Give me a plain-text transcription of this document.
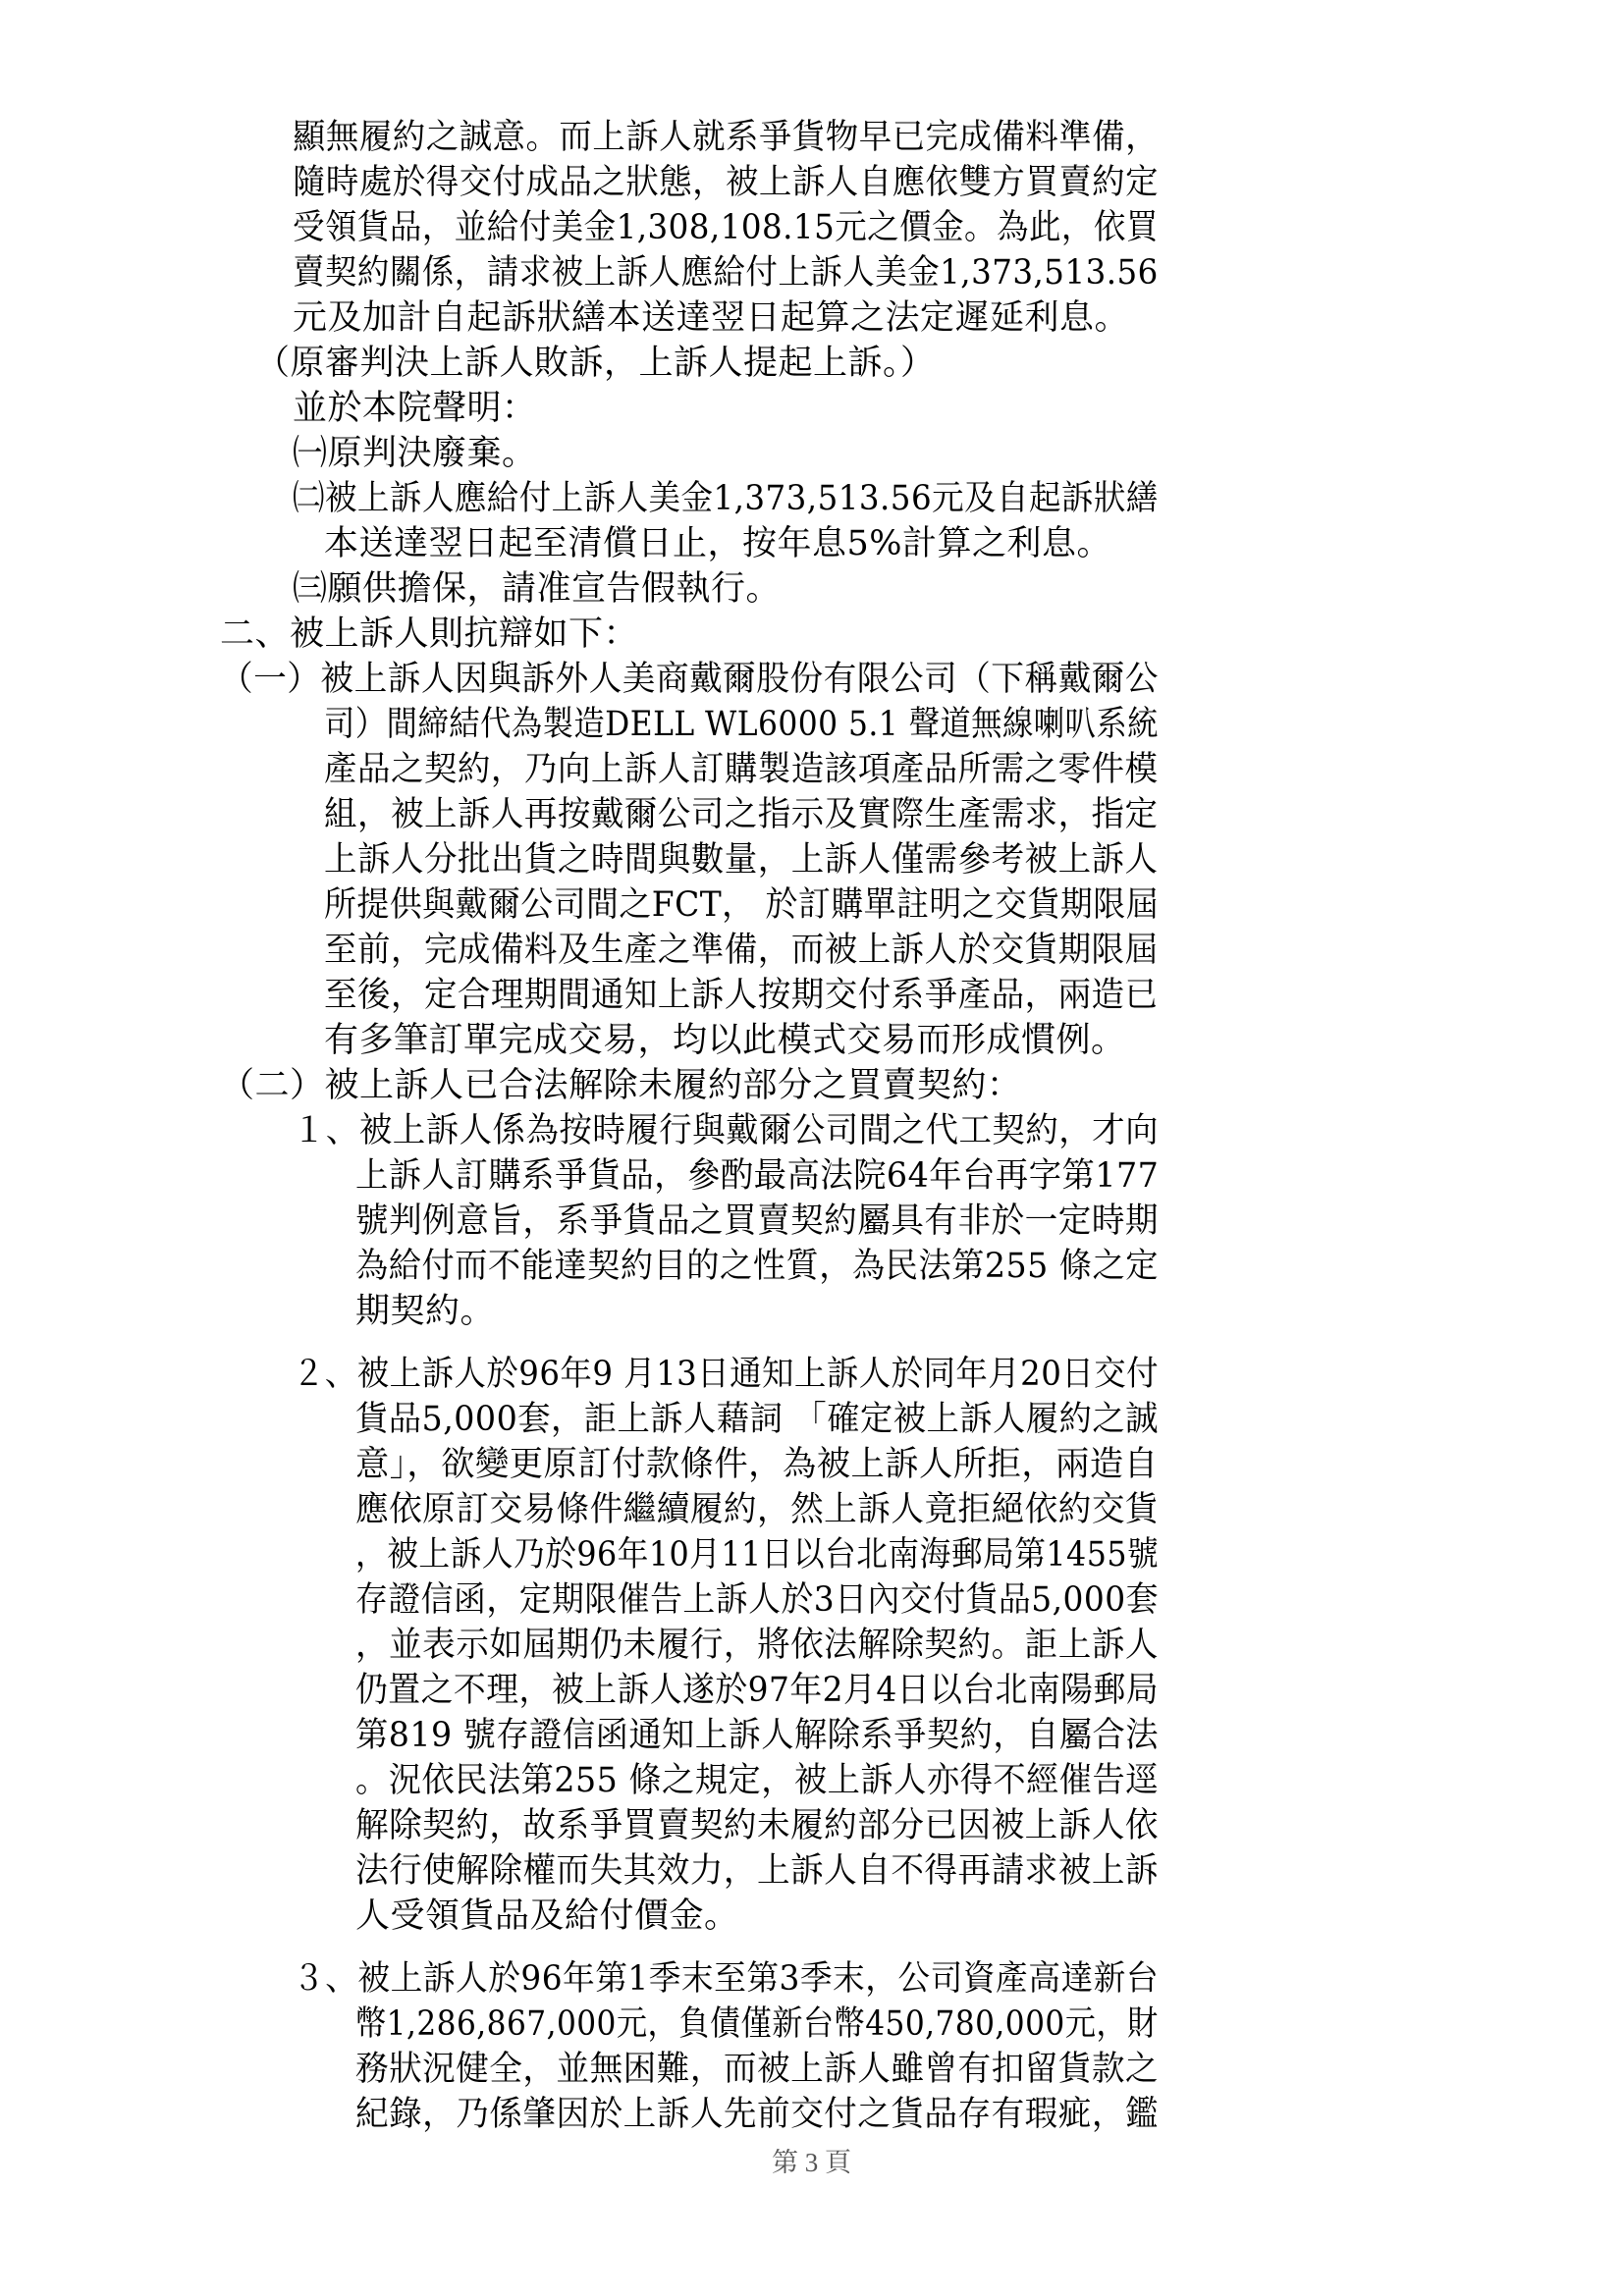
顯無履約之誠意。而上訴人就系爭貨物早已完成備料準備，
隨時處於得交付成品之狀態，被上訴人自應依雙方買賣約定
受領貨品，並給付美金1,308,108.15元之價金。為此，依買
賣契約關係，請求被上訴人應給付上訴人美金1,373,513.56
元及加計自起訴狀繕本送達翌日起算之法定遲延利息。
（原審判決上訴人敗訴，上訴人提起上訴。）
並於本院聲明：
㈠原判決廢棄。
㈡被上訴人應給付上訴人美金1,373,513.56元及自起訴狀繕
本送達翌日起至清償日止，按年息5%計算之利息。
㈢願供擔保，請准宣告假執行。
二、被上訴人則抗辯如下：
（一）被上訴人因與訴外人美商戴爾股份有限公司（下稱戴爾公
司）間締結代為製造DELL WL6000 5.1 聲道無線喇叭系統
產品之契約，乃向上訴人訂購製造該項產品所需之零件模
組，被上訴人再按戴爾公司之指示及實際生產需求，指定
上訴人分批出貨之時間與數量，上訴人僅需參考被上訴人
所提供與戴爾公司間之FCT， 於訂購單註明之交貨期限屆
至前，完成備料及生產之準備，而被上訴人於交貨期限屆
至後，定合理期間通知上訴人按期交付系爭產品，兩造已
有多筆訂單完成交易，均以此模式交易而形成慣例。
（二）被上訴人已合法解除未履約部分之買賣契約：
１、被上訴人係為按時履行與戴爾公司間之代工契約，才向
上訴人訂購系爭貨品，參酌最高法院64年台再字第177
號判例意旨，系爭貨品之買賣契約屬具有非於一定時期
為給付而不能達契約目的之性質，為民法第255 條之定
期契約。
２、被上訴人於96年9 月13日通知上訴人於同年月20日交付
貨品5,000套，詎上訴人藉詞 「確定被上訴人履約之誠
意」，欲變更原訂付款條件，為被上訴人所拒，兩造自
應依原訂交易條件繼續履約，然上訴人竟拒絕依約交貨
，被上訴人乃於96年10月11日以台北南海郵局第1455號
存證信函，定期限催告上訴人於3日內交付貨品5,000套
，並表示如屆期仍未履行，將依法解除契約。詎上訴人
仍置之不理，被上訴人遂於97年2月4日以台北南陽郵局
第819 號存證信函通知上訴人解除系爭契約，自屬合法
。況依民法第255 條之規定，被上訴人亦得不經催告逕
解除契約，故系爭買賣契約未履約部分已因被上訴人依
法行使解除權而失其效力，上訴人自不得再請求被上訴
人受領貨品及給付價金。
３、被上訴人於96年第1季末至第3季末，公司資產高達新台
幣1,286,867,000元，負債僅新台幣450,780,000元，財
務狀況健全，並無困難，而被上訴人雖曾有扣留貨款之
紀錄，乃係肇因於上訴人先前交付之貨品存有瑕疵，鑑
第 3 頁
